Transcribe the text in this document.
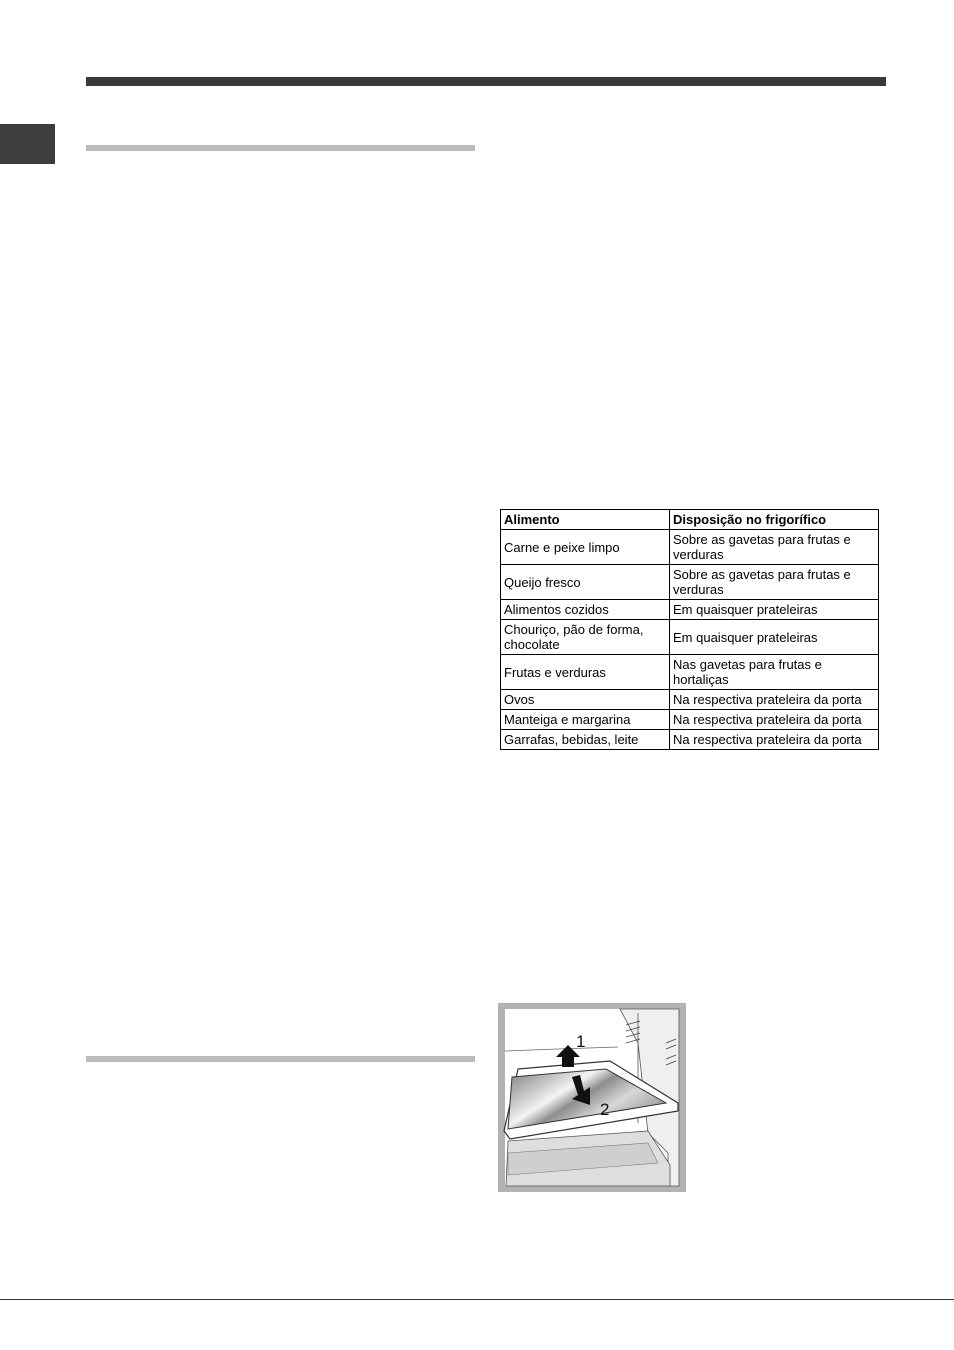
Alimento	Disposição no frigorífico
Carne e peixe limpo	Sobre as gavetas para frutas e verduras
Queijo fresco	Sobre as gavetas para frutas e verduras
Alimentos cozidos	Em quaisquer prateleiras
Chouriço, pão de forma, chocolate	Em quaisquer prateleiras
Frutas e verduras	Nas gavetas para frutas e hortaliças
Ovos	Na respectiva prateleira da porta
Manteiga e margarina	Na respectiva prateleira da porta
Garrafas, bebidas, leite	Na respectiva prateleira da porta
1
2
